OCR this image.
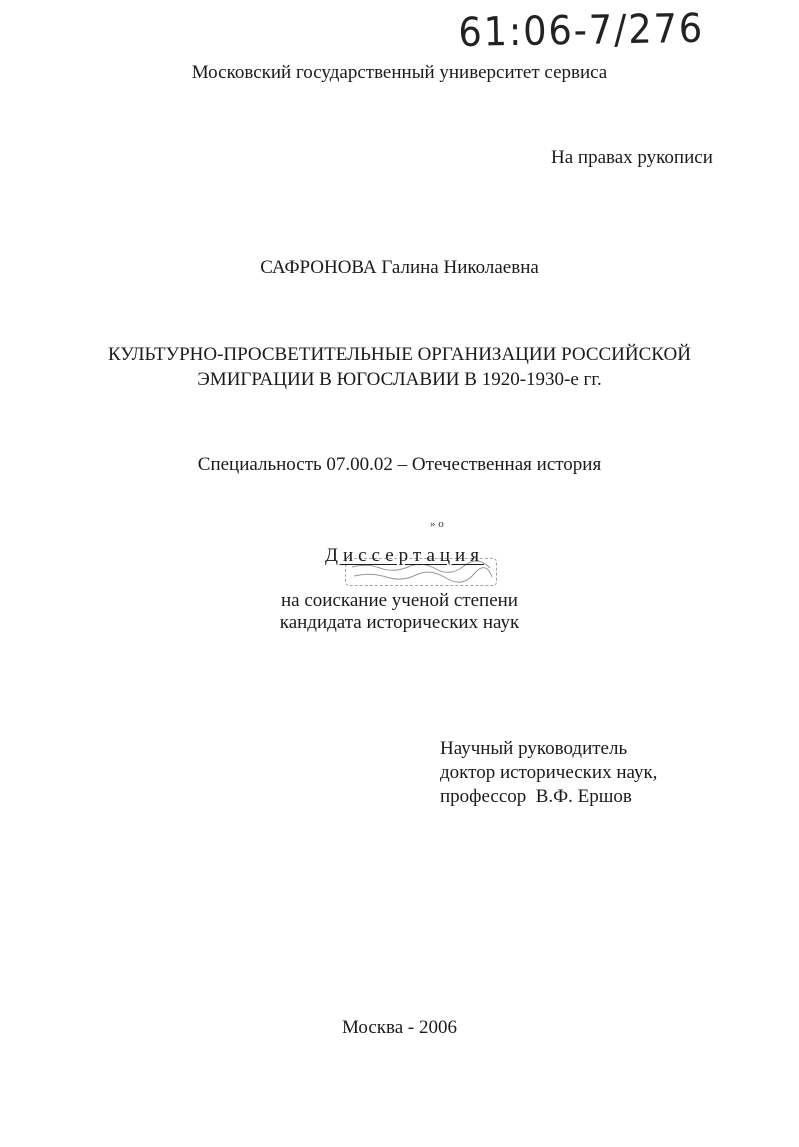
61:06-7/276
Московский государственный университет сервиса
На правах рукописи
САФРОНОВА Галина Николаевна
КУЛЬТУРНО-ПРОСВЕТИТЕЛЬНЫЕ ОРГАНИЗАЦИИ РОССИЙСКОЙ
ЭМИГРАЦИИ В ЮГОСЛАВИИ В 1920-1930-е гг.
Специальность 07.00.02 – Отечественная история
» o
Диссертация
на соискание ученой степени
кандидата исторических наук
Научный руководитель
доктор исторических наук,
профессор  В.Ф. Ершов
Москва - 2006
